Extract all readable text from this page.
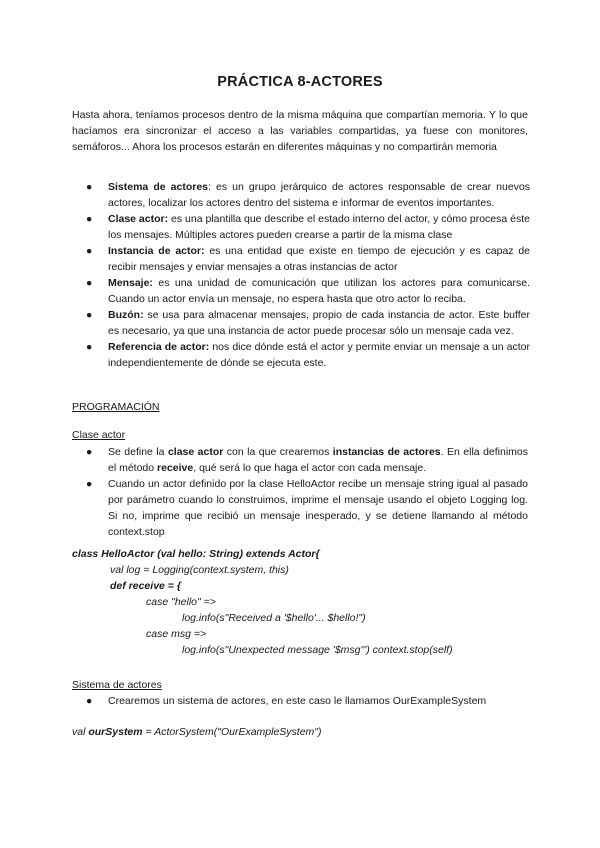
PRÁCTICA 8-ACTORES
Hasta ahora, teníamos procesos dentro de la misma máquina que compartían memoria. Y lo que hacíamos era sincronizar el acceso a las variables compartidas, ya fuese con monitores, semáforos... Ahora los procesos estarán en diferentes máquinas y no compartirán memoria
● Sistema de actores: es un grupo jerárquico de actores responsable de crear nuevos actores, localizar los actores dentro del sistema e informar de eventos importantes.
● Clase actor: es una plantilla que describe el estado interno del actor, y cómo procesa éste los mensajes. Múltiples actores pueden crearse a partir de la misma clase
● Instancia de actor: es una entidad que existe en tiempo de ejecución y es capaz de recibir mensajes y enviar mensajes a otras instancias de actor
● Mensaje: es una unidad de comunicación que utilizan los actores para comunicarse. Cuando un actor envía un mensaje, no espera hasta que otro actor lo reciba.
● Buzón: se usa para almacenar mensajes, propio de cada instancia de actor. Este buffer es necesario, ya que una instancia de actor puede procesar sólo un mensaje cada vez.
● Referencia de actor: nos dice dónde está el actor y permite enviar un mensaje a un actor independientemente de dónde se ejecuta este.
PROGRAMACIÓN
Clase actor
● Se define la clase actor con la que crearemos instancias de actores. En ella definimos el método receive, qué será lo que haga el actor con cada mensaje.
● Cuando un actor definido por la clase HelloActor recibe un mensaje string igual al pasado por parámetro cuando lo construimos, imprime el mensaje usando el objeto Logging log. Si no, imprime que recibió un mensaje inesperado, y se detiene llamando al método context.stop
class HelloActor (val hello: String) extends Actor{
val log = Logging(context.system, this)
def receive = {
case "hello" =>
log.info(s"Received a '$hello'... $hello!")
case msg =>
log.info(s"Unexpected message '$msg'") context.stop(self)
Sistema de actores
● Crearemos un sistema de actores, en este caso le llamamos OurExampleSystem
val ourSystem = ActorSystem("OurExampleSystem")
